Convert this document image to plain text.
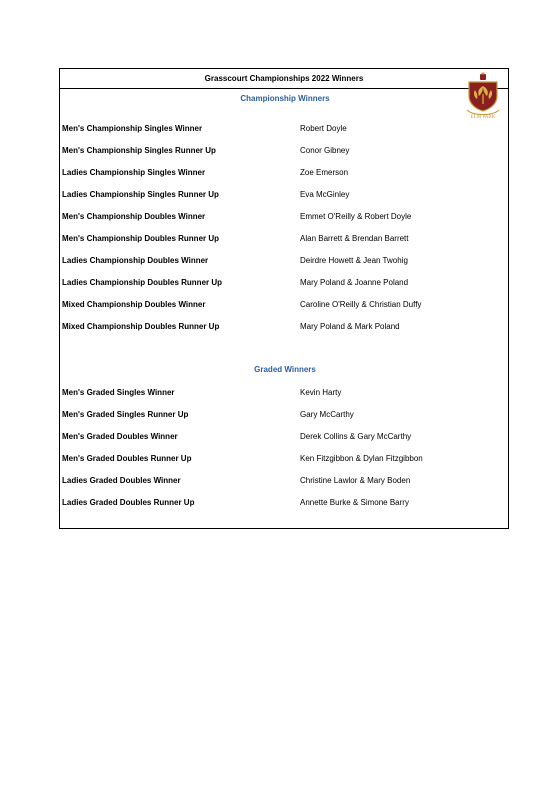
Grasscourt Championships 2022 Winners
Championship Winners
Men's Championship Singles Winner	Robert Doyle
Men's Championship Singles Runner Up	Conor Gibney
Ladies Championship Singles Winner	Zoe Emerson
Ladies Championship Singles Runner Up	Eva McGinley
Men's Championship Doubles Winner	Emmet O'Reilly & Robert Doyle
Men's Championship Doubles Runner Up	Alan Barrett & Brendan Barrett
Ladies Championship Doubles Winner	Deirdre Howett & Jean Twohig
Ladies Championship Doubles Runner Up	Mary Poland & Joanne Poland
Mixed Championship Doubles Winner	Caroline O'Reilly & Christian Duffy
Mixed Championship Doubles Runner Up	Mary Poland & Mark Poland
Graded Winners
Men's Graded Singles Winner	Kevin Harty
Men's Graded Singles Runner Up	Gary McCarthy
Men's Graded Doubles Winner	Derek Collins & Gary McCarthy
Men's Graded Doubles Runner Up	Ken Fitzgibbon & Dylan Fitzgibbon
Ladies Graded Doubles Winner	Christine Lawlor & Mary Boden
Ladies Graded Doubles Runner Up	Annette Burke & Simone Barry
ELM PARK
